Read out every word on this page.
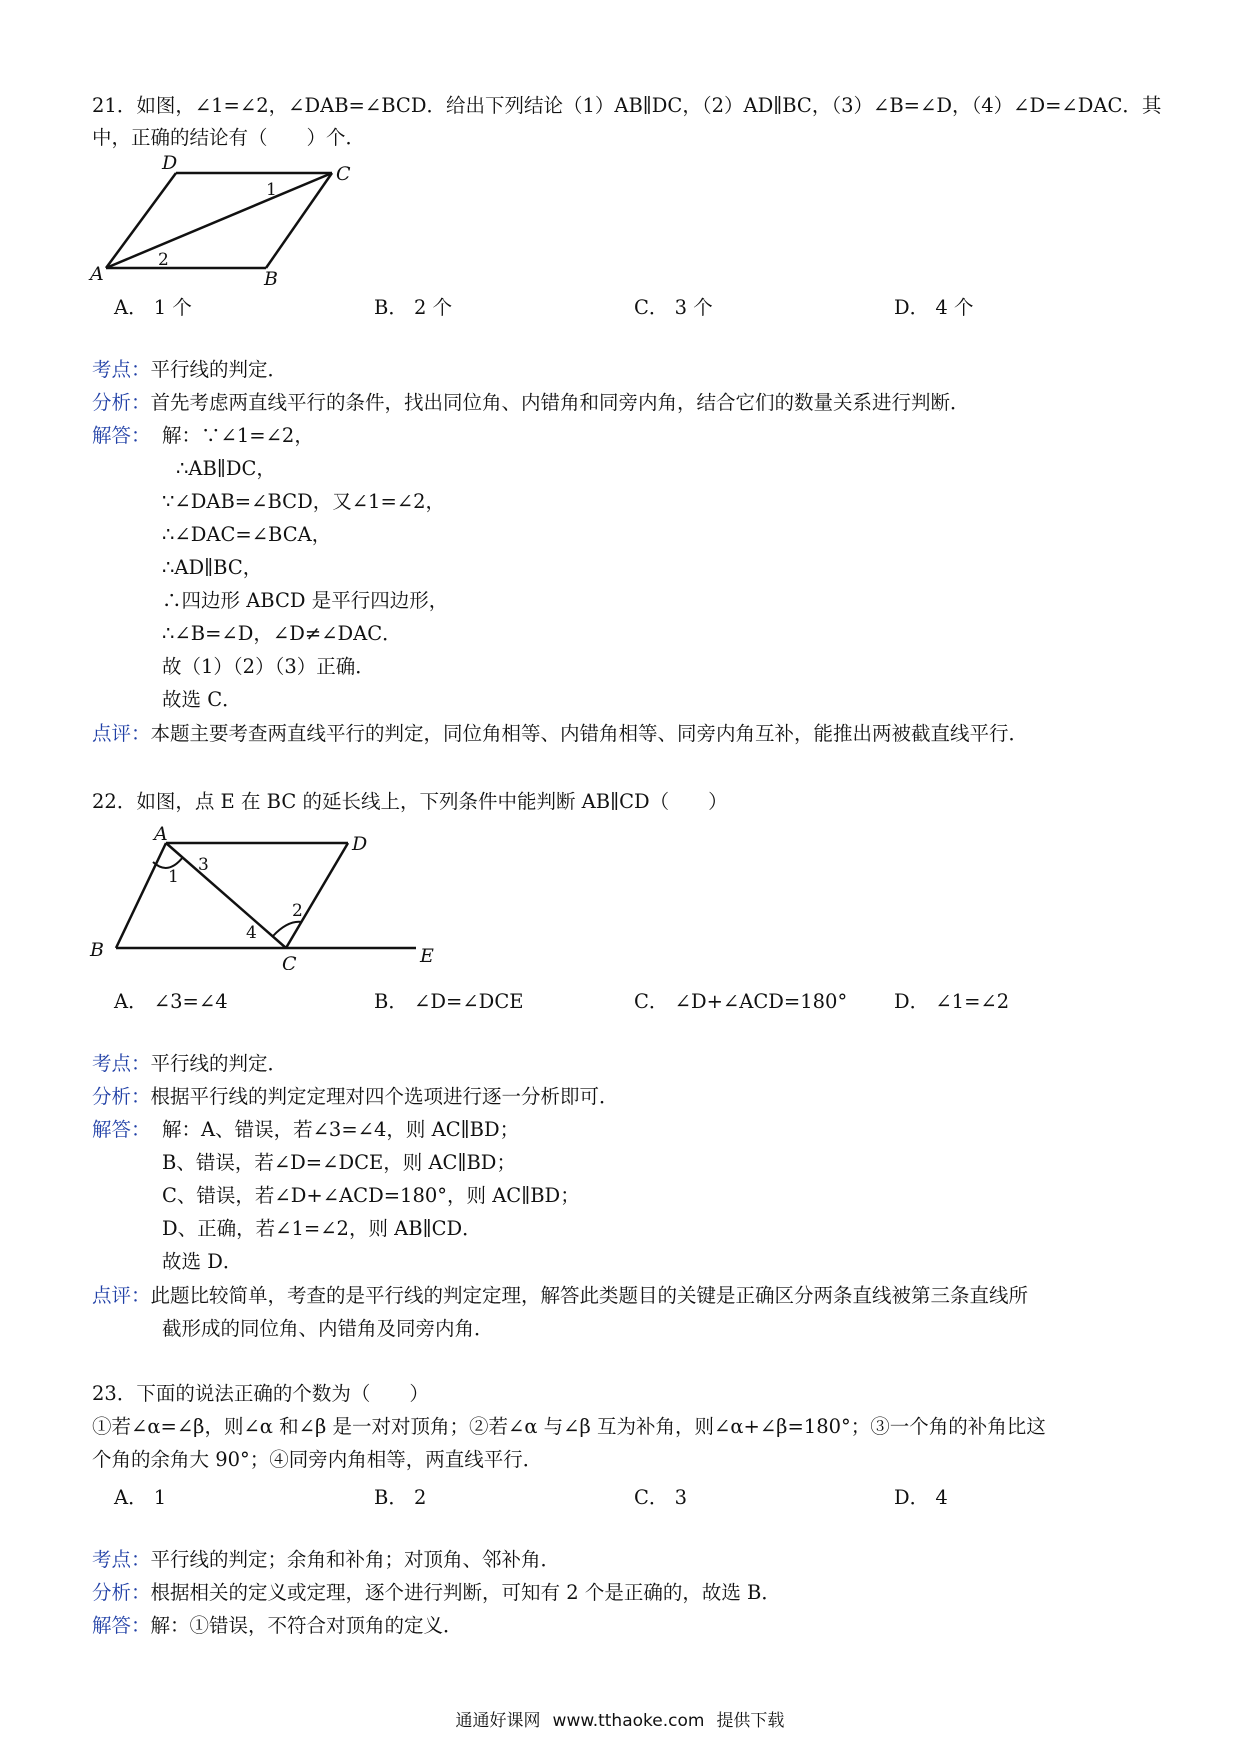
21．如图，∠1=∠2，∠DAB=∠BCD．给出下列结论（1）AB∥DC，（2）AD∥BC，（3）∠B=∠D，（4）∠D=∠DAC．其
中，正确的结论有（　　）个．
D	C
A	B
1
2
A． 1 个	B． 2 个	C． 3 个	D． 4 个
考点：平行线的判定．
分析：首先考虑两直线平行的条件，找出同位角、内错角和同旁内角，结合它们的数量关系进行判断．
解答： 解：∵∠1=∠2，
∴AB∥DC，
∵∠DAB=∠BCD，又∠1=∠2，
∴∠DAC=∠BCA，
∴AD∥BC，
∴四边形 ABCD 是平行四边形，
∴∠B=∠D，∠D≠∠DAC．
故（1）（2）（3）正确．
故选 C．
点评：本题主要考查两直线平行的判定，同位角相等、内错角相等、同旁内角互补，能推出两被截直线平行．
22．如图，点 E 在 BC 的延长线上，下列条件中能判断 AB∥CD（　　）
A	D
B
C	E
1
3
2
4
A． ∠3=∠4	B． ∠D=∠DCE	C． ∠D+∠ACD=180° D． ∠1=∠2
考点：平行线的判定．
分析：根据平行线的判定定理对四个选项进行逐一分析即可．
解答： 解：A、错误，若∠3=∠4，则 AC∥BD；
B、错误，若∠D=∠DCE，则 AC∥BD；
C、错误，若∠D+∠ACD=180°，则 AC∥BD；
D、正确，若∠1=∠2，则 AB∥CD．
故选 D．
点评：此题比较简单，考查的是平行线的判定定理，解答此类题目的关键是正确区分两条直线被第三条直线所
截形成的同位角、内错角及同旁内角．
23．下面的说法正确的个数为（　　）
①若∠α=∠β，则∠α 和∠β 是一对对顶角；②若∠α 与∠β 互为补角，则∠α+∠β=180°；③一个角的补角比这
个角的余角大 90°；④同旁内角相等，两直线平行．
A． 1	B． 2	C． 3	D． 4
考点：平行线的判定；余角和补角；对顶角、邻补角．
分析：根据相关的定义或定理，逐个进行判断，可知有 2 个是正确的，故选 B．
解答：解：①错误，不符合对顶角的定义．
通通好课网 www.tthaoke.com 提供下载
